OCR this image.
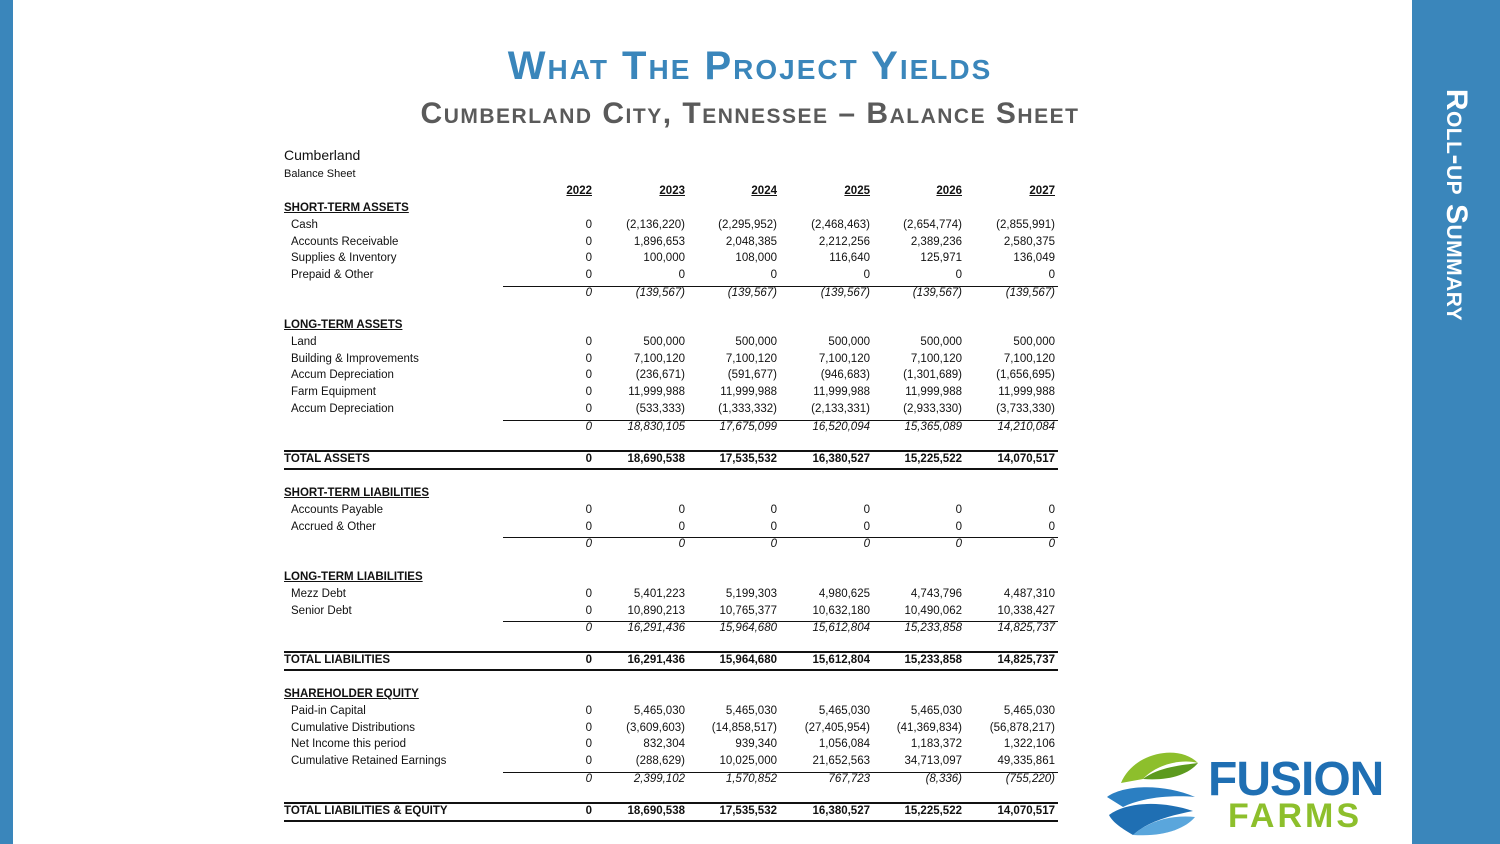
Roll-up Summary
What The Project Yields
Cumberland City, Tennessee – Balance Sheet
Cumberland
Balance Sheet
2022	2023	2024	2025	2026	2027
SHORT-TERM ASSETS
Cash	0	(2,136,220)	(2,295,952)	(2,468,463)	(2,654,774)	(2,855,991)
Accounts Receivable	0	1,896,653	2,048,385	2,212,256	2,389,236	2,580,375
Supplies & Inventory	0	100,000	108,000	116,640	125,971	136,049
Prepaid & Other	0	0	0	0	0	0
0	(139,567)	(139,567)	(139,567)	(139,567)	(139,567)
LONG-TERM ASSETS
Land	0	500,000	500,000	500,000	500,000	500,000
Building & Improvements	0	7,100,120	7,100,120	7,100,120	7,100,120	7,100,120
Accum Depreciation	0	(236,671)	(591,677)	(946,683)	(1,301,689)	(1,656,695)
Farm Equipment	0	11,999,988	11,999,988	11,999,988	11,999,988	11,999,988
Accum Depreciation	0	(533,333)	(1,333,332)	(2,133,331)	(2,933,330)	(3,733,330)
0	18,830,105	17,675,099	16,520,094	15,365,089	14,210,084
TOTAL ASSETS	0	18,690,538	17,535,532	16,380,527	15,225,522	14,070,517
SHORT-TERM LIABILITIES
Accounts Payable	0	0	0	0	0	0
Accrued & Other	0	0	0	0	0	0
0	0	0	0	0	0
LONG-TERM LIABILITIES
Mezz Debt	0	5,401,223	5,199,303	4,980,625	4,743,796	4,487,310
Senior Debt	0	10,890,213	10,765,377	10,632,180	10,490,062	10,338,427
0	16,291,436	15,964,680	15,612,804	15,233,858	14,825,737
TOTAL LIABILITIES	0	16,291,436	15,964,680	15,612,804	15,233,858	14,825,737
SHAREHOLDER EQUITY
Paid-in Capital	0	5,465,030	5,465,030	5,465,030	5,465,030	5,465,030
Cumulative Distributions	0	(3,609,603) (14,858,517) (27,405,954) (41,369,834) (56,878,217)
Net Income this period	0	832,304	939,340	1,056,084	1,183,372	1,322,106
Cumulative Retained Earnings	0	(288,629)	10,025,000	21,652,563	34,713,097	49,335,861
0	2,399,102	1,570,852	767,723	(8,336)	(755,220)
TOTAL LIABILITIES & EQUITY	0	18,690,538	17,535,532	16,380,527	15,225,522	14,070,517
FUSION
FARMS
